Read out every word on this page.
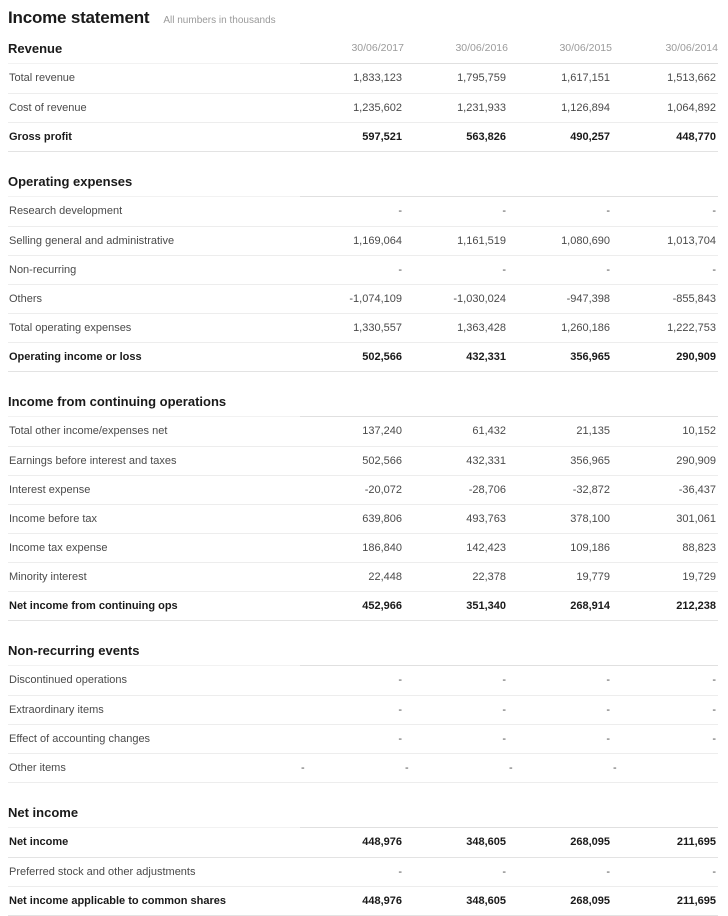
Income statement All numbers in thousands
Revenue	30/06/2017	30/06/2016	30/06/2015	30/06/2014

Total revenue	1,833,123	1,795,759	1,617,151	1,513,662
Cost of revenue	1,235,602	1,231,933	1,126,894	1,064,892
Gross profit	597,521	563,826	490,257	448,770

Operating expenses				

Research development	-	-	-	-
Selling general and administrative	1,169,064	1,161,519	1,080,690	1,013,704
Non-recurring	-	-	-	-
Others	-1,074,109	-1,030,024	-947,398	-855,843
Total operating expenses	1,330,557	1,363,428	1,260,186	1,222,753
Operating income or loss	502,566	432,331	356,965	290,909

Income from continuing operations				

Total other income/expenses net	137,240	61,432	21,135	10,152
Earnings before interest and taxes	502,566	432,331	356,965	290,909
Interest expense	-20,072	-28,706	-32,872	-36,437
Income before tax	639,806	493,763	378,100	301,061
Income tax expense	186,840	142,423	109,186	88,823
Minority interest	22,448	22,378	19,779	19,729
Net income from continuing ops	452,966	351,340	268,914	212,238

Non-recurring events				

Discontinued operations	-	-	-	-
Extraordinary items	-	-	-	-
Effect of accounting changes	-	-	-	-
Other items	-	-	-	-

Net income				

Net income	448,976	348,605	268,095	211,695
Preferred stock and other adjustments	-	-	-	-
Net income applicable to common shares	448,976	348,605	268,095	211,695
